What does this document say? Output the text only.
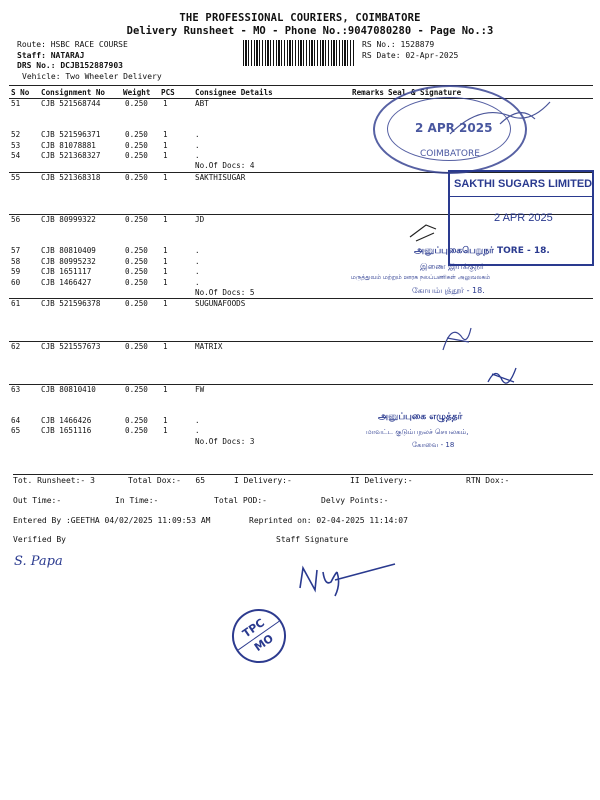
THE PROFESSIONAL COURIERS, COIMBATORE
Delivery Runsheet - MO - Phone No.:9047080280 - Page No.:3
Route: HSBC RACE COURSE
Staff: NATARAJ
DRS No.: DCJB152887903
Vehicle: Two Wheeler Delivery
RS No.: 1528879
RS Date: 02-Apr-2025
S No	Consignment No	Weight	PCS	Consignee Details	Remarks	Seal & Signature
51	CJB 521568744	0.250	1	ABT		

52	CJB 521596371	0.250	1	.		
53	CJB 81078881	0.250	1	.		
54	CJB 521368327	0.250	1	.		
				No.Of Docs: 4		
55	CJB 521368318	0.250	1	SAKTHISUGAR		

56	CJB 80999322	0.250	1	JD		

57	CJB 80810409	0.250	1	.		
58	CJB 80995232	0.250	1	.		
59	CJB 1651117	0.250	1	.		
60	CJB 1466427	0.250	1	.		
				No.Of Docs: 5		
61	CJB 521596378	0.250	1	SUGUNAFOODS		

62	CJB 521557673	0.250	1	MATRIX		

63	CJB 80810410	0.250	1	FW		

64	CJB 1466426	0.250	1	.		
65	CJB 1651116	0.250	1	.		
				No.Of Docs: 3		
Tot. Runsheet:- 3	Total Dox:-   65	I Delivery:-	II Delivery:-	RTN Dox:-
Out Time:-	In Time:-	Total POD:-	Delvy Points:-
Entered By :GEETHA 04/02/2025 11:09:53 AM	Reprinted on: 02-04-2025 11:14:07
Verified By	Staff Signature
S. Papa
TPC
MO
2 APR 2025
COIMBATORE
SAKTHI SUGARS LIMITED
2 APR 2025
அனுப்புகைபெறுநர் TORE - 18.
இணை இயக்குநர்
மருத்துவம் மற்றும் ஊரக நலப்பணிகள் அலுவலகம்
கோயம்புத்தூர் - 18.
அனுப்புகை எழுத்தர்
மாவட்ட குடும்பநலச் செயலகம்,
கோவை - 18
